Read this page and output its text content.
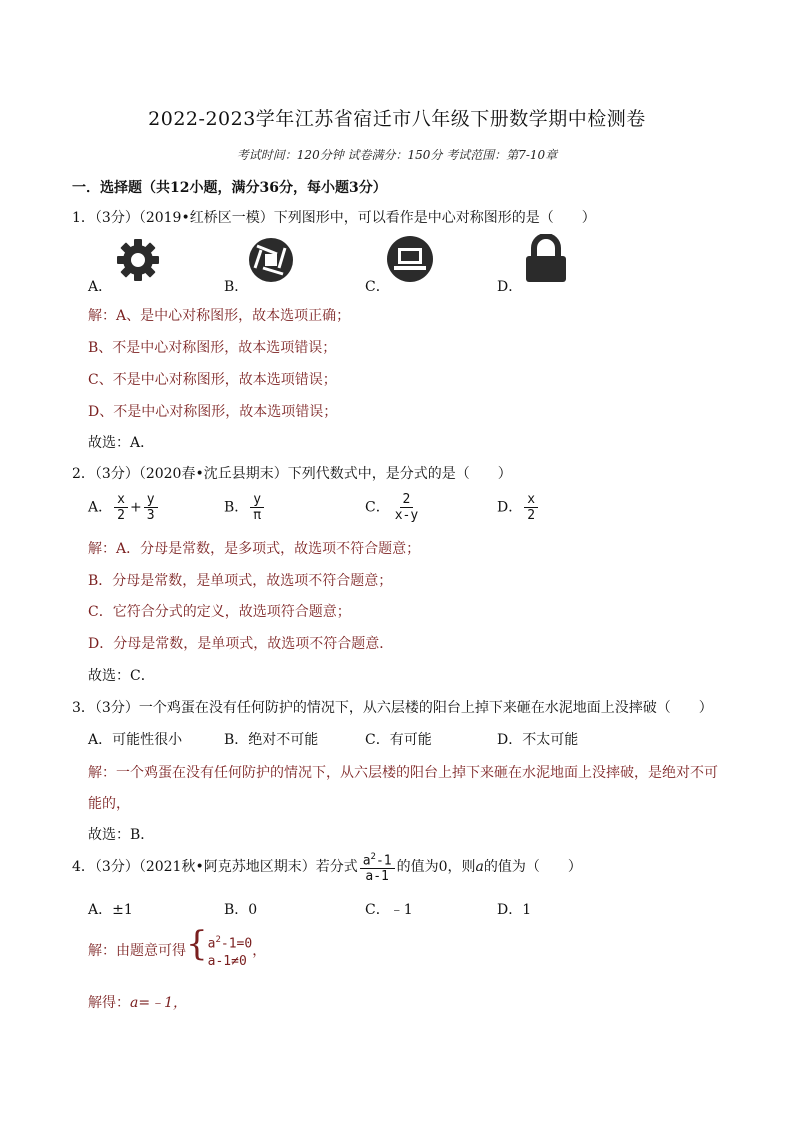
2022-2023学年江苏省宿迁市八年级下册数学期中检测卷
考试时间：120分钟 试卷满分：150分 考试范围：第7-10章
一．选择题（共12小题，满分36分，每小题3分）
1．（3分）（2019•红桥区一模）下列图形中，可以看作是中心对称图形的是（　　）
A．	B．	C．	D．
解：A、是中心对称图形，故本选项正确；
B、不是中心对称图形，故本选项错误；
C、不是中心对称图形，故本选项错误；
D、不是中心对称图形，故本选项错误；
故选：A．
2．（3分）（2020春•沈丘县期末）下列代数式中，是分式的是（　　）
A． $\frac{x}{2} + \frac{y}{3}$	B． $\frac{y}{\pi}$	C． $\frac{2}{x-y}$	D． $\frac{x}{2}$
解：A．分母是常数，是多项式，故选项不符合题意；
B．分母是常数，是单项式，故选项不符合题意；
C．它符合分式的定义，故选项符合题意；
D．分母是常数，是单项式，故选项不符合题意．
故选：C．
3．（3分）一个鸡蛋在没有任何防护的情况下，从六层楼的阳台上掉下来砸在水泥地面上没摔破（　　）
A．可能性很小	B．绝对不可能	C．有可能	D．不太可能
解：一个鸡蛋在没有任何防护的情况下，从六层楼的阳台上掉下来砸在水泥地面上没摔破，是绝对不可
能的，
故选：B．
4．（3分）（2021秋•阿克苏地区期末）若分式 $\frac{a^2-1}{a-1}$ 的值为0，则a的值为（　　）
A．±1	B．0	C．﹣1	D．1
解：由题意可得{ $a^2-1=0$
a-1≠0
，
解得：a=﹣1，
